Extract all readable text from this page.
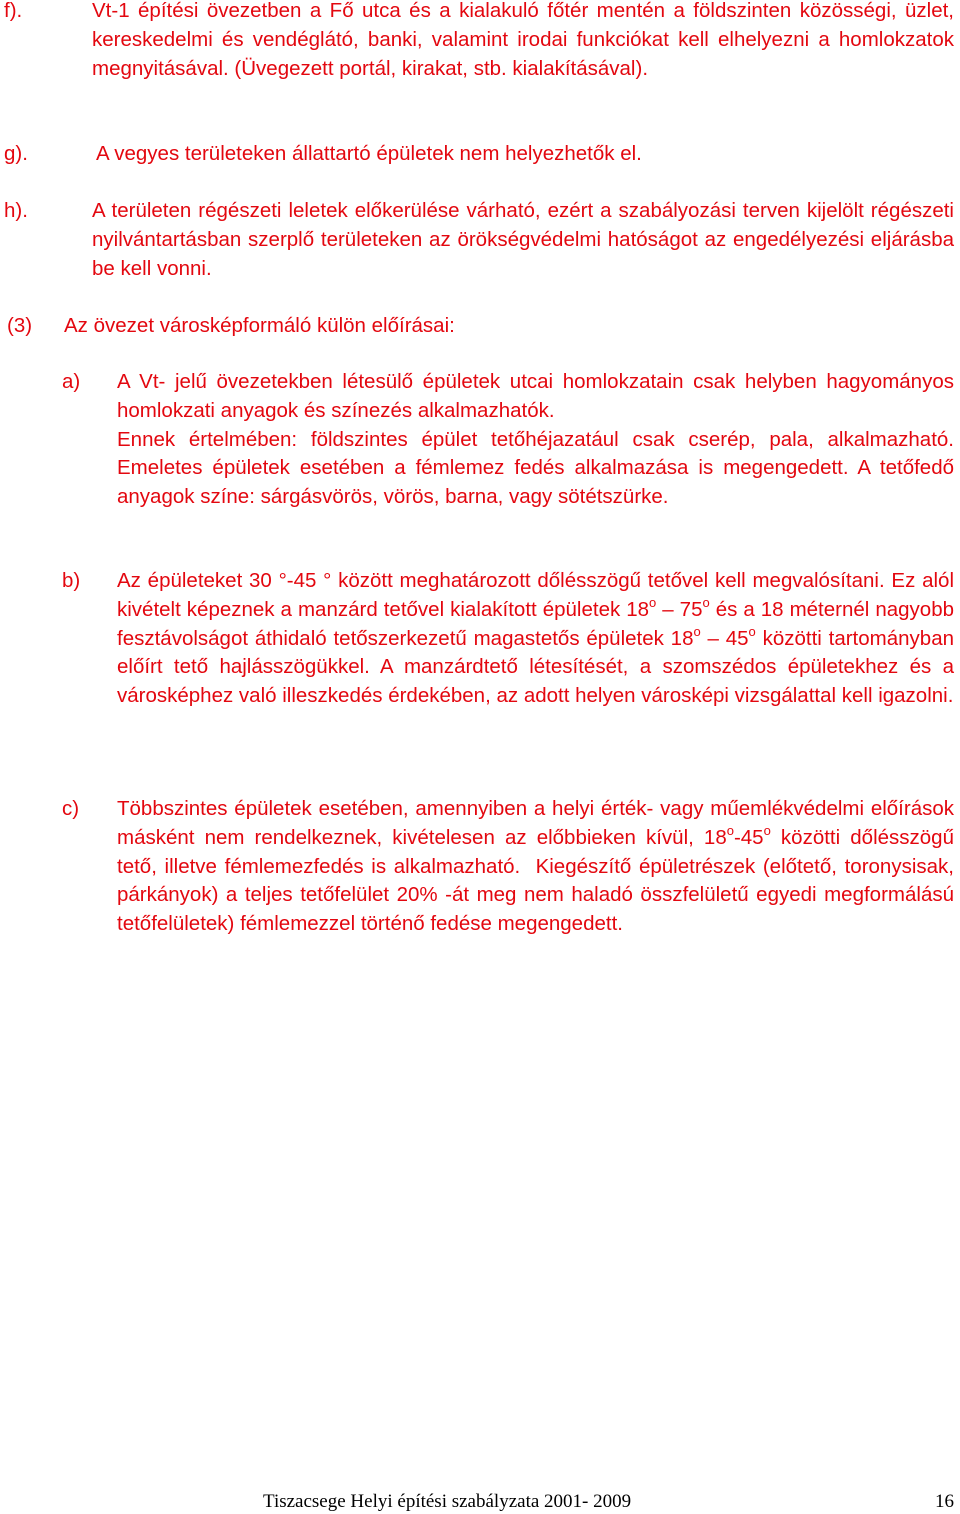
f).	Vt-1 építési övezetben a Fő utca és a kialakuló főtér mentén a földszinten közösségi, üzlet, kereskedelmi és vendéglátó, banki, valamint irodai funkciókat kell elhelyezni a homlokzatok megnyitásával. (Üvegezett portál, kirakat, stb. kialakításával).
g).	A vegyes területeken állattartó épületek nem helyezhetők el.
h).	A területen régészeti leletek előkerülése várható, ezért a szabályozási terven kijelölt régészeti nyilvántartásban szerplő területeken az örökségvédelmi hatóságot az engedélyezési eljárásba be kell vonni.
(3) Az övezet városképformáló külön előírásai:
a) A Vt- jelű övezetekben létesülő épületek utcai homlokzatain csak helyben hagyományos homlokzati anyagok és színezés alkalmazhatók.
Ennek értelmében: földszintes épület tetőhéjazatául csak cserép, pala, alkalmazható. Emeletes épületek esetében a fémlemez fedés alkalmazása is megengedett. A tetőfedő anyagok színe: sárgásvörös, vörös, barna, vagy sötétszürke.
b) Az épületeket 30 °-45 ° között meghatározott dőlésszögű tetővel kell megvalósítani. Ez alól kivételt képeznek a manzárd tetővel kialakított épületek 18$^o$ – 75$^o$ és a 18 méternél nagyobb fesztávolságot áthidaló tetőszerkezetű magastetős épületek 18$^o$ – 45$^o$ közötti tartományban előírt tető hajlásszögükkel. A manzárdtető létesítését, a szomszédos épületekhez és a városképhez való illeszkedés érdekében, az adott helyen városképi vizsgálattal kell igazolni.
c) Többszintes épületek esetében, amennyiben a helyi érték- vagy műemlékvédelmi előírások másként nem rendelkeznek, kivételesen az előbbieken kívül, 18$^o$-45$^o$ közötti dőlésszögű tető, illetve fémlemezfedés is alkalmazható. Kiegészítő épületrészek (előtető, toronysisak, párkányok) a teljes tetőfelület 20% -át meg nem haladó összfelületű egyedi megformálású tetőfelületek) fémlemezzel történő fedése megengedett.
Tiszacsege Helyi építési szabályzata 2001- 2009	16
